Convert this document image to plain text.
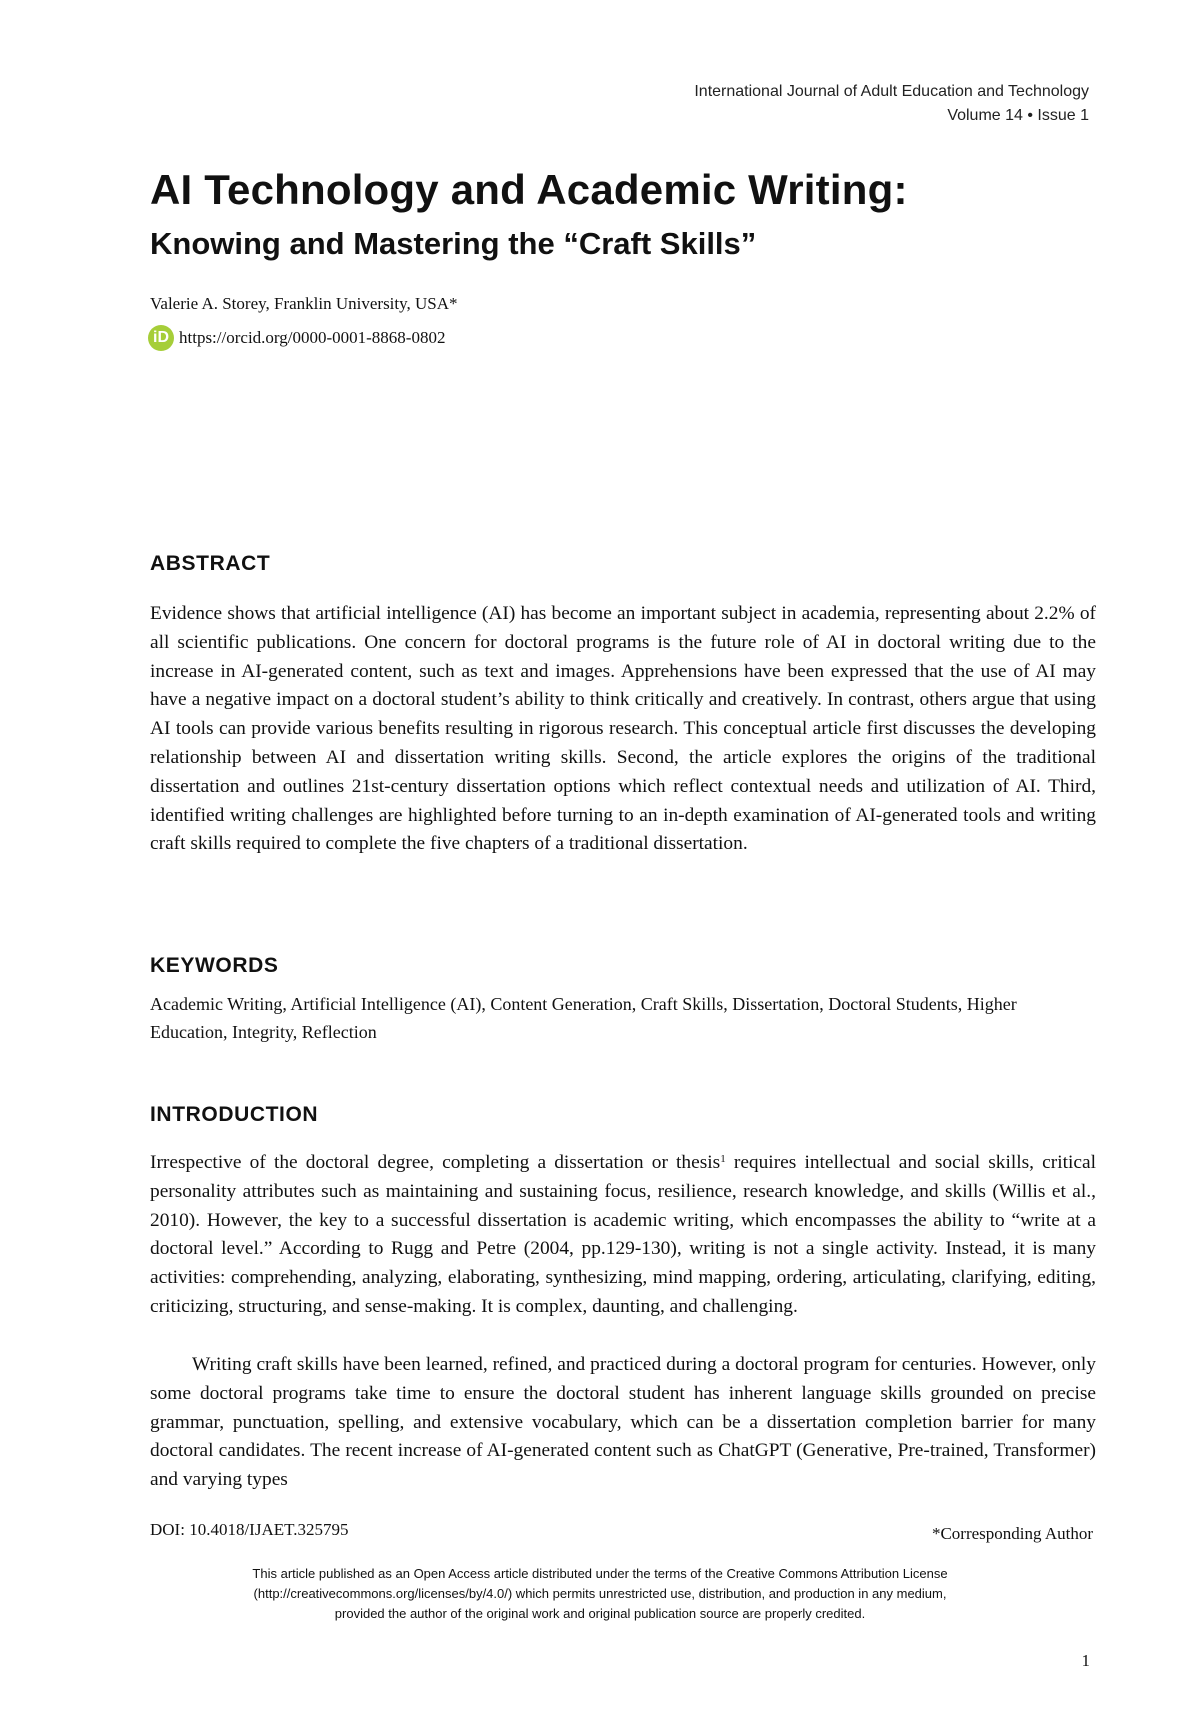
International Journal of Adult Education and Technology
Volume 14 • Issue 1
AI Technology and Academic Writing:
Knowing and Mastering the “Craft Skills”
Valerie A. Storey, Franklin University, USA*
iD https://orcid.org/0000-0001-8868-0802
ABSTRACT

Evidence shows that artificial intelligence (AI) has become an important subject in academia, representing about 2.2% of all scientific publications. One concern for doctoral programs is the future role of AI in doctoral writing due to the increase in AI-generated content, such as text and images. Apprehensions have been expressed that the use of AI may have a negative impact on a doctoral student’s ability to think critically and creatively. In contrast, others argue that using AI tools can provide various benefits resulting in rigorous research. This conceptual article first discusses the developing relationship between AI and dissertation writing skills. Second, the article explores the origins of the traditional dissertation and outlines 21st-century dissertation options which reflect contextual needs and utilization of AI. Third, identified writing challenges are highlighted before turning to an in-depth examination of AI-generated tools and writing craft skills required to complete the five chapters of a traditional dissertation.

KEYWORDS

Academic Writing, Artificial Intelligence (AI), Content Generation, Craft Skills, Dissertation, Doctoral Students, Higher Education, Integrity, Reflection

INTRODUCTION

Irrespective of the doctoral degree, completing a dissertation or thesis$^1$ requires intellectual and social skills, critical personality attributes such as maintaining and sustaining focus, resilience, research knowledge, and skills (Willis et al., 2010). However, the key to a successful dissertation is academic writing, which encompasses the ability to “write at a doctoral level.” According to Rugg and Petre (2004, pp.129-130), writing is not a single activity. Instead, it is many activities: comprehending, analyzing, elaborating, synthesizing, mind mapping, ordering, articulating, clarifying, editing, criticizing, structuring, and sense-making. It is complex, daunting, and challenging.

Writing craft skills have been learned, refined, and practiced during a doctoral program for centuries. However, only some doctoral programs take time to ensure the doctoral student has inherent language skills grounded on precise grammar, punctuation, spelling, and extensive vocabulary, which can be a dissertation completion barrier for many doctoral candidates. The recent increase of AI-generated content such as ChatGPT (Generative, Pre-trained, Transformer) and varying types

DOI: 10.4018/IJAET.325795	*Corresponding Author
This article published as an Open Access article distributed under the terms of the Creative Commons Attribution License
(http://creativecommons.org/licenses/by/4.0/) which permits unrestricted use, distribution, and production in any medium,
provided the author of the original work and original publication source are properly credited.
1
